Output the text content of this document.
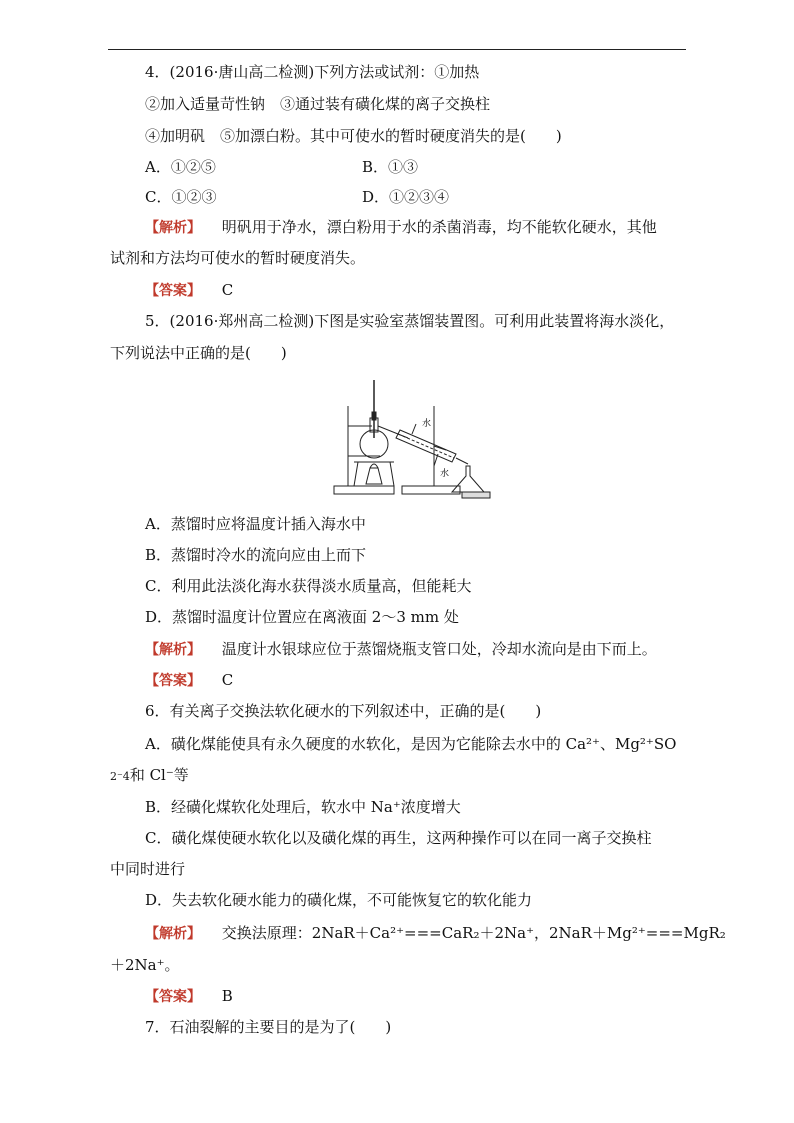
4．(2016·唐山高二检测)下列方法或试剂：①加热
②加入适量苛性钠　③通过装有磺化煤的离子交换柱
④加明矾　⑤加漂白粉。其中可使水的暂时硬度消失的是(　　)
A．①②⑤	B．①③
C．①②③	D．①②③④
【解析】 明矾用于净水，漂白粉用于水的杀菌消毒，均不能软化硬水，其他
试剂和方法均可使水的暂时硬度消失。
【答案】 C
5．(2016·郑州高二检测)下图是实验室蒸馏装置图。可利用此装置将海水淡化，
下列说法中正确的是(　　)
水
水
A．蒸馏时应将温度计插入海水中
B．蒸馏时冷水的流向应由上而下
C．利用此法淡化海水获得淡水质量高，但能耗大
D．蒸馏时温度计位置应在离液面 2～3 mm 处
【解析】 温度计水银球应位于蒸馏烧瓶支管口处，冷却水流向是由下而上。
【答案】 C
6．有关离子交换法软化硬水的下列叙述中，正确的是(　　)
A．磺化煤能使具有永久硬度的水软化，是因为它能除去水中的 Ca²⁺、Mg²⁺SO
2⁻4和 Cl⁻等
B．经磺化煤软化处理后，软水中 Na⁺浓度增大
C．磺化煤使硬水软化以及磺化煤的再生，这两种操作可以在同一离子交换柱
中同时进行
D．失去软化硬水能力的磺化煤，不可能恢复它的软化能力
【解析】 交换法原理：2NaR＋Ca²⁺===CaR₂＋2Na⁺，2NaR＋Mg²⁺===MgR₂
＋2Na⁺。
【答案】 B
7．石油裂解的主要目的是为了(　　)
